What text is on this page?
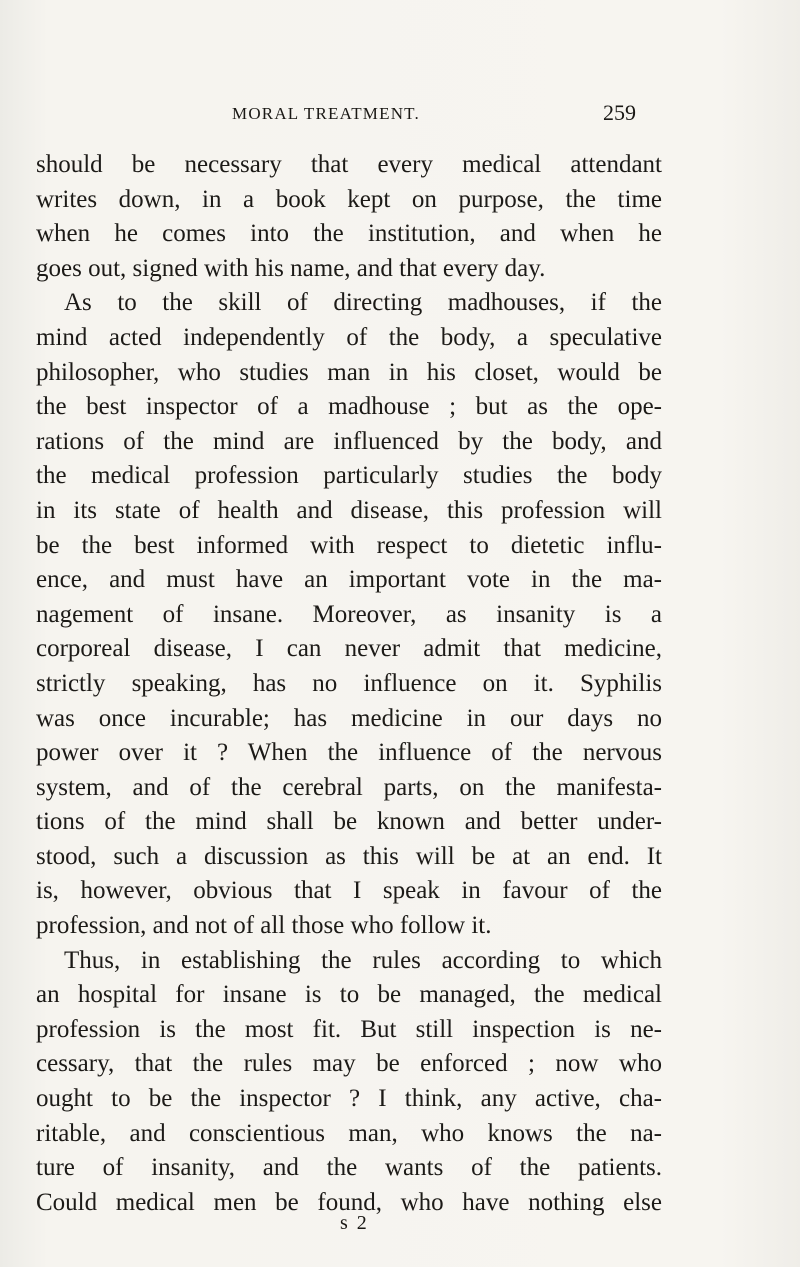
MORAL TREATMENT.	259
should be necessary that every medical attendant
writes down, in a book kept on purpose, the time
when he comes into the institution, and when he
goes out, signed with his name, and that every day.
As to the skill of directing madhouses, if the
mind acted independently of the body, a speculative
philosopher, who studies man in his closet, would be
the best inspector of a madhouse ; but as the ope-
rations of the mind are influenced by the body, and
the medical profession particularly studies the body
in its state of health and disease, this profession will
be the best informed with respect to dietetic influ-
ence, and must have an important vote in the ma-
nagement of insane. Moreover, as insanity is a
corporeal disease, I can never admit that medicine,
strictly speaking, has no influence on it. Syphilis
was once incurable; has medicine in our days no
power over it ? When the influence of the nervous
system, and of the cerebral parts, on the manifesta-
tions of the mind shall be known and better under-
stood, such a discussion as this will be at an end. It
is, however, obvious that I speak in favour of the
profession, and not of all those who follow it.
Thus, in establishing the rules according to which
an hospital for insane is to be managed, the medical
profession is the most fit. But still inspection is ne-
cessary, that the rules may be enforced ; now who
ought to be the inspector ? I think, any active, cha-
ritable, and conscientious man, who knows the na-
ture of insanity, and the wants of the patients.
Could medical men be found, who have nothing else
s 2
